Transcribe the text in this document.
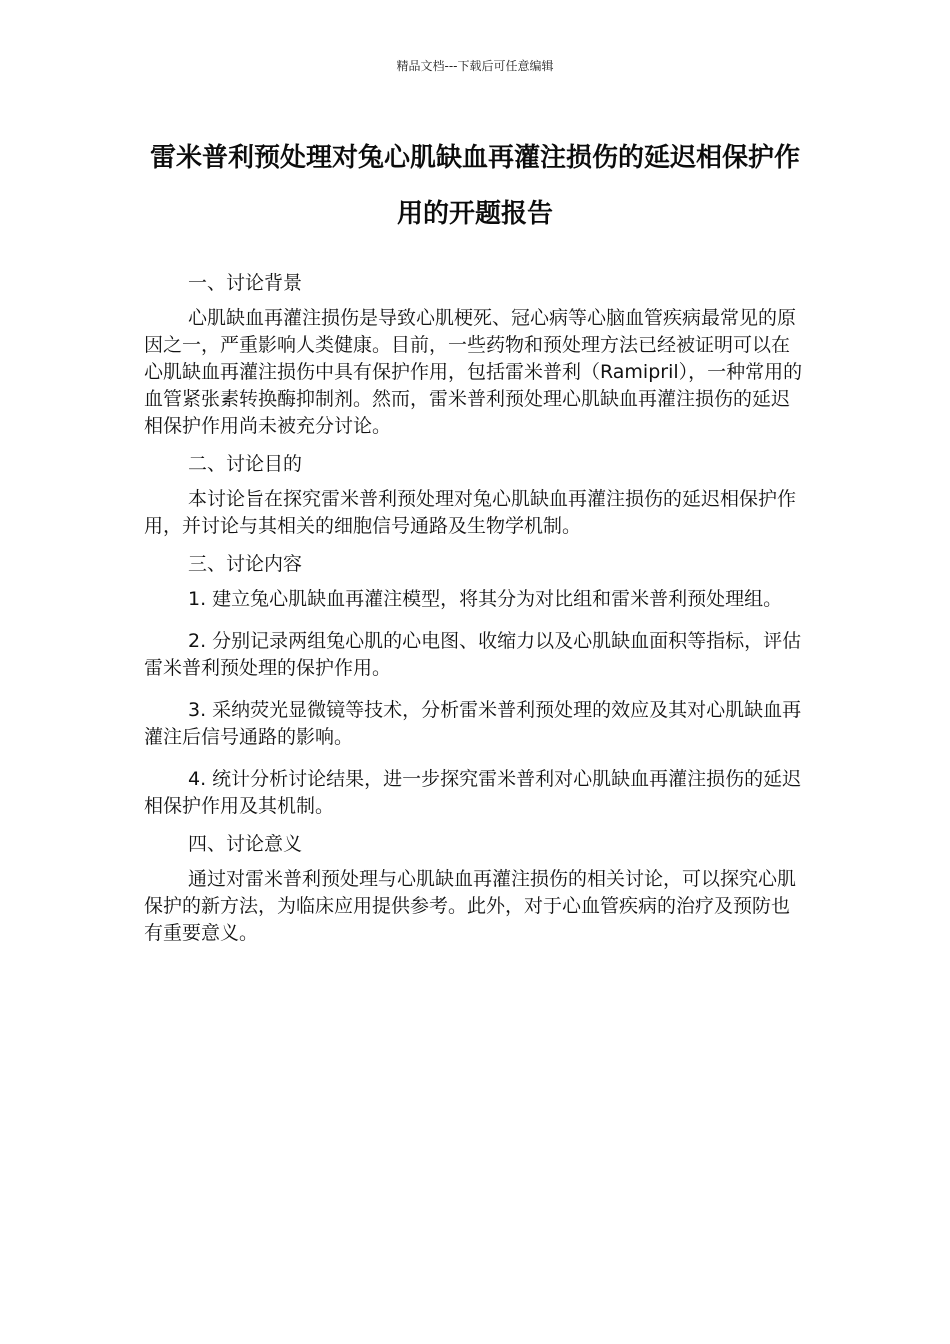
精品文档---下载后可任意编辑
雷米普利预处理对兔心肌缺血再灌注损伤的延迟相保护作用的开题报告

一、讨论背景

心肌缺血再灌注损伤是导致心肌梗死、冠心病等心脑血管疾病最常见的原因之一，严重影响人类健康。目前，一些药物和预处理方法已经被证明可以在心肌缺血再灌注损伤中具有保护作用，包括雷米普利（Ramipril），一种常用的血管紧张素转换酶抑制剂。然而，雷米普利预处理心肌缺血再灌注损伤的延迟相保护作用尚未被充分讨论。

二、讨论目的

本讨论旨在探究雷米普利预处理对兔心肌缺血再灌注损伤的延迟相保护作用，并讨论与其相关的细胞信号通路及生物学机制。

三、讨论内容

1. 建立兔心肌缺血再灌注模型，将其分为对比组和雷米普利预处理组。

2. 分别记录两组兔心肌的心电图、收缩力以及心肌缺血面积等指标，评估雷米普利预处理的保护作用。

3. 采纳荧光显微镜等技术，分析雷米普利预处理的效应及其对心肌缺血再灌注后信号通路的影响。

4. 统计分析讨论结果，进一步探究雷米普利对心肌缺血再灌注损伤的延迟相保护作用及其机制。

四、讨论意义

通过对雷米普利预处理与心肌缺血再灌注损伤的相关讨论，可以探究心肌保护的新方法，为临床应用提供参考。此外，对于心血管疾病的治疗及预防也有重要意义。
